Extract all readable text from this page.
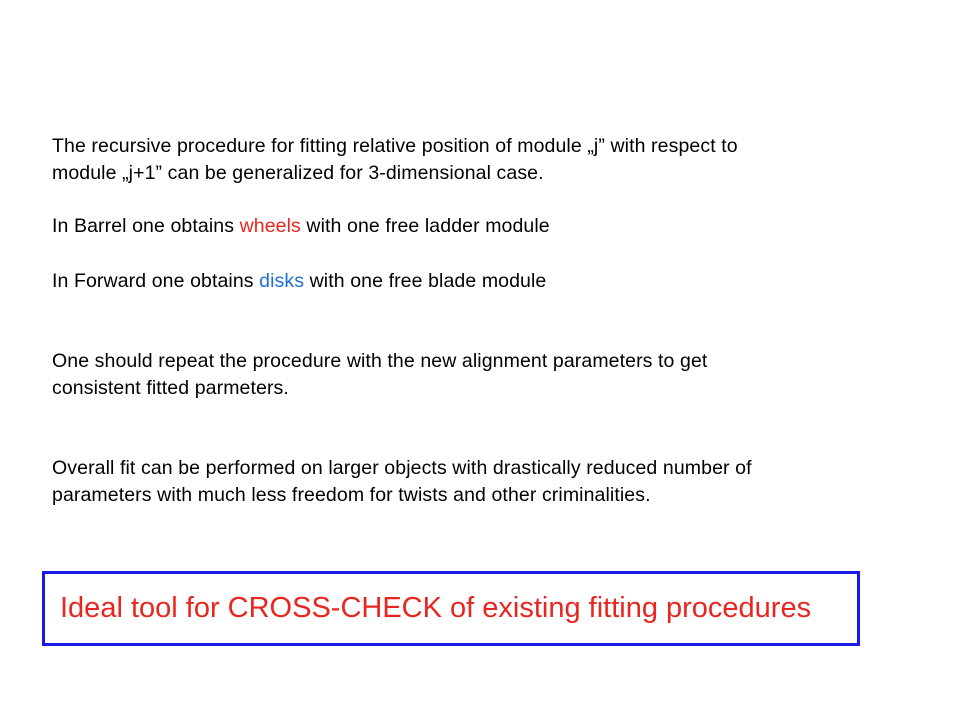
The recursive procedure for fitting relative position of module „j” with respect to
module „j+1” can be generalized for 3-dimensional case.
In Barrel one obtains wheels with one free ladder module
In Forward one obtains disks with one free blade module
One should repeat the procedure with the new alignment parameters to get
consistent fitted parmeters.
Overall fit can be performed on larger objects with drastically reduced number of
parameters with much less freedom for twists and other criminalities.
Ideal tool for CROSS-CHECK of existing fitting procedures
